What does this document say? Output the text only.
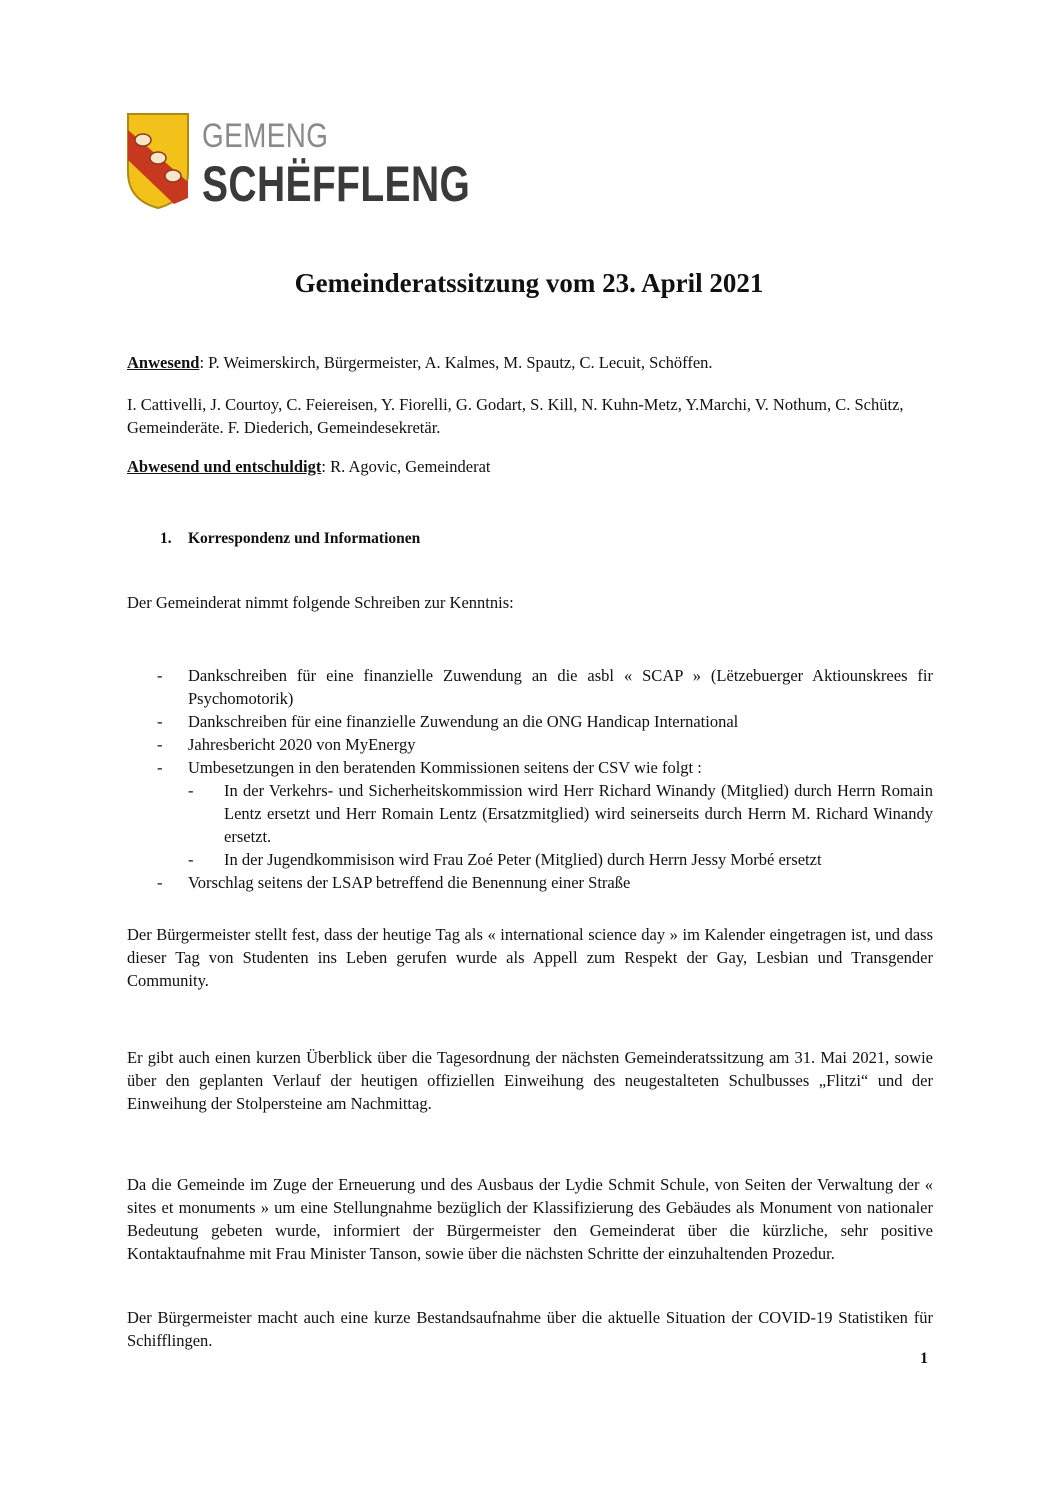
GEMENG
SCHËFFLENG
Gemeinderatssitzung vom 23. April 2021
Anwesend: P. Weimerskirch, Bürgermeister, A. Kalmes, M. Spautz, C. Lecuit, Schöffen.
I. Cattivelli, J. Courtoy, C. Feiereisen, Y. Fiorelli, G. Godart, S. Kill, N. Kuhn-Metz, Y.Marchi, V. Nothum, C. Schütz, Gemeinderäte. F. Diederich, Gemeindesekretär.
Abwesend und entschuldigt: R. Agovic, Gemeinderat
1. Korrespondenz und Informationen
Der Gemeinderat nimmt folgende Schreiben zur Kenntnis:
- Dankschreiben für eine finanzielle Zuwendung an die asbl « SCAP » (Lëtzebuerger Aktiounskrees fir Psychomotorik)
- Dankschreiben für eine finanzielle Zuwendung an die ONG Handicap International
- Jahresbericht 2020 von MyEnergy
- Umbesetzungen in den beratenden Kommissionen seitens der CSV wie folgt :
- In der Verkehrs- und Sicherheitskommission wird Herr Richard Winandy (Mitglied) durch Herrn Romain Lentz ersetzt und Herr Romain Lentz (Ersatzmitglied) wird seinerseits durch Herrn M. Richard Winandy ersetzt.
- In der Jugendkommisison wird Frau Zoé Peter (Mitglied) durch Herrn Jessy Morbé ersetzt
- Vorschlag seitens der LSAP betreffend die Benennung einer Straße
Der Bürgermeister stellt fest, dass der heutige Tag als « international science day » im Kalender eingetragen ist, und dass dieser Tag von Studenten ins Leben gerufen wurde als Appell zum Respekt der Gay, Lesbian und Transgender Community.
Er gibt auch einen kurzen Überblick über die Tagesordnung der nächsten Gemeinderatssitzung am 31. Mai 2021, sowie über den geplanten Verlauf der heutigen offiziellen Einweihung des neugestalteten Schulbusses „Flitzi“ und der Einweihung der Stolpersteine am Nachmittag.
Da die Gemeinde im Zuge der Erneuerung und des Ausbaus der Lydie Schmit Schule, von Seiten der Verwaltung der « sites et monuments » um eine Stellungnahme bezüglich der Klassifizierung des Gebäudes als Monument von nationaler Bedeutung gebeten wurde, informiert der Bürgermeister den Gemeinderat über die kürzliche, sehr positive Kontaktaufnahme mit Frau Minister Tanson, sowie über die nächsten Schritte der einzuhaltenden Prozedur.
Der Bürgermeister macht auch eine kurze Bestandsaufnahme über die aktuelle Situation der COVID-19 Statistiken für Schifflingen.
1
